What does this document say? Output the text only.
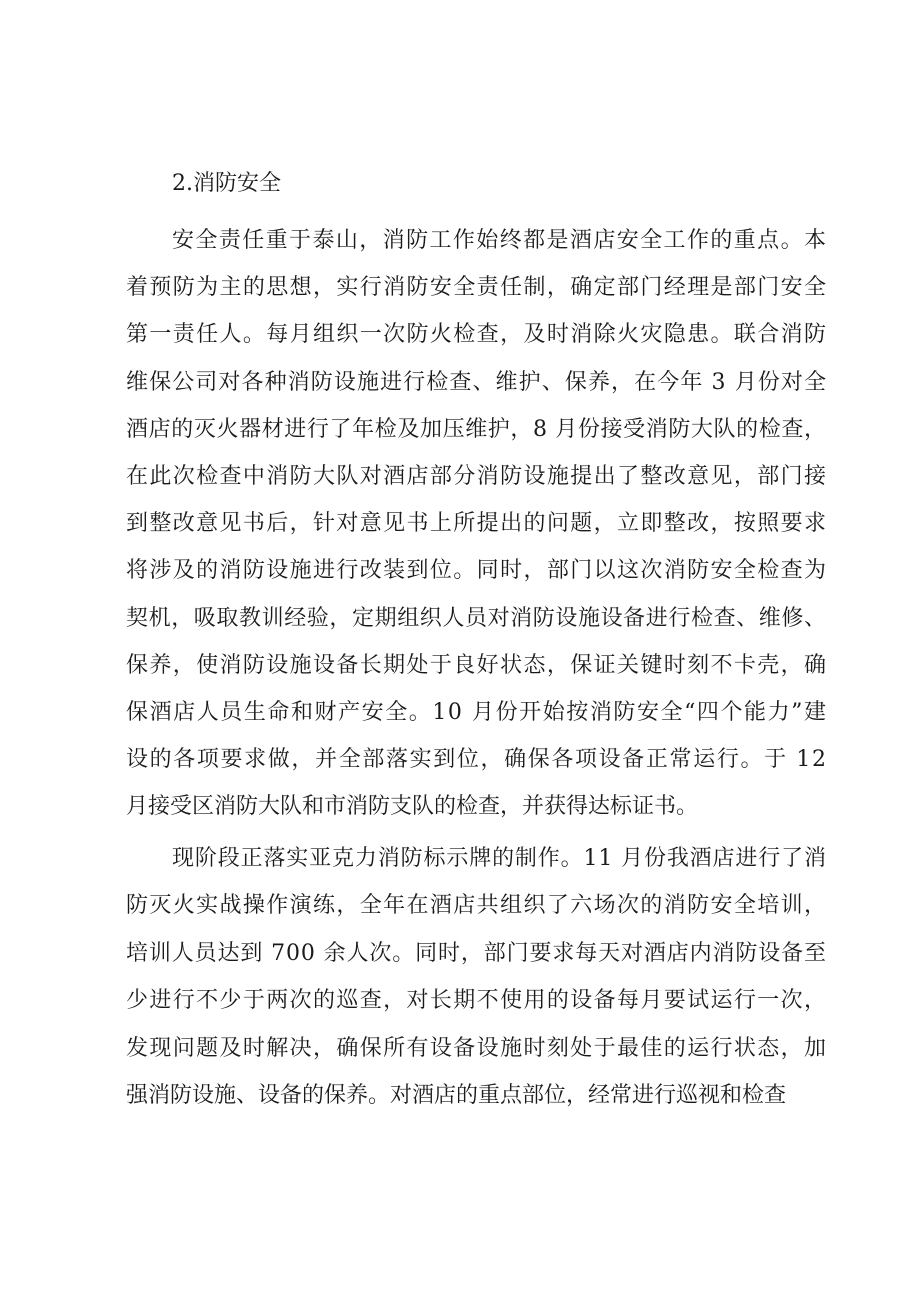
2.消防安全
安全责任重于泰山，消防工作始终都是酒店安全工作的重点。本
着预防为主的思想，实行消防安全责任制，确定部门经理是部门安全
第一责任人。每月组织一次防火检查，及时消除火灾隐患。联合消防
维保公司对各种消防设施进行检查、维护、保养，在今年 3 月份对全
酒店的灭火器材进行了年检及加压维护，8 月份接受消防大队的检查，
在此次检查中消防大队对酒店部分消防设施提出了整改意见，部门接
到整改意见书后，针对意见书上所提出的问题，立即整改，按照要求
将涉及的消防设施进行改装到位。同时，部门以这次消防安全检查为
契机，吸取教训经验，定期组织人员对消防设施设备进行检查、维修、
保养，使消防设施设备长期处于良好状态，保证关键时刻不卡壳，确
保酒店人员生命和财产安全。10 月份开始按消防安全“四个能力”建
设的各项要求做，并全部落实到位，确保各项设备正常运行。于 12
月接受区消防大队和市消防支队的检查，并获得达标证书。
现阶段正落实亚克力消防标示牌的制作。11 月份我酒店进行了消
防灭火实战操作演练，全年在酒店共组织了六场次的消防安全培训，
培训人员达到 700 余人次。同时，部门要求每天对酒店内消防设备至
少进行不少于两次的巡查，对长期不使用的设备每月要试运行一次，
发现问题及时解决，确保所有设备设施时刻处于最佳的运行状态，加
强消防设施、设备的保养。对酒店的重点部位，经常进行巡视和检查
